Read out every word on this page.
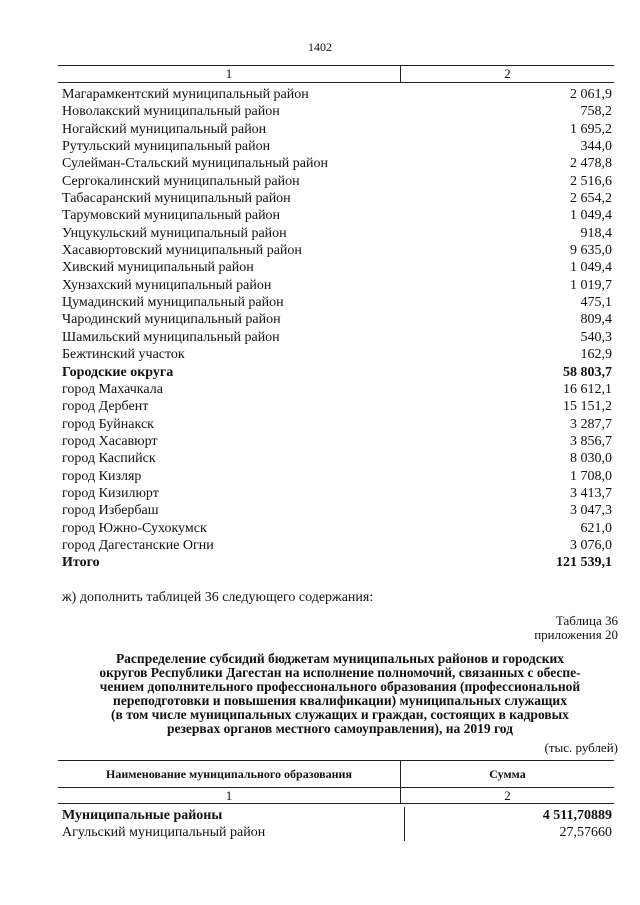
1402
1	2
Магарамкентский муниципальный район	2 061,9
Новолакский муниципальный район	758,2
Ногайский муниципальный район	1 695,2
Рутульский муниципальный район	344,0
Сулейман-Стальский муниципальный район	2 478,8
Сергокалинский муниципальный район	2 516,6
Табасаранский муниципальный район	2 654,2
Тарумовский муниципальный район	1 049,4
Унцукульский муниципальный район	918,4
Хасавюртовский муниципальный район	9 635,0
Хивский муниципальный район	1 049,4
Хунзахский муниципальный район	1 019,7
Цумадинский муниципальный район	475,1
Чародинский муниципальный район	809,4
Шамильский муниципальный район	540,3
Бежтинский участок	162,9
Городские округа	58 803,7
город Махачкала	16 612,1
город Дербент	15 151,2
город Буйнакск	3 287,7
город Хасавюрт	3 856,7
город Каспийск	8 030,0
город Кизляр	1 708,0
город Кизилюрт	3 413,7
город Избербаш	3 047,3
город Южно-Сухокумск	621,0
город Дагестанские Огни	3 076,0
Итого	121 539,1
ж) дополнить таблицей 36 следующего содержания:
Таблица 36
приложения 20
Распределение субсидий бюджетам муниципальных районов и городских
округов Республики Дагестан на исполнение полномочий, связанных с обеспе-
чением дополнительного профессионального образования (профессиональной
переподготовки и повышения квалификации) муниципальных служащих
(в том числе муниципальных служащих и граждан, состоящих в кадровых
резервах органов местного самоуправления), на 2019 год
(тыс. рублей)
Наименование муниципального образования	Сумма
1	2
Муниципальные районы	4 511,70889
Агульский муниципальный район	27,57660
